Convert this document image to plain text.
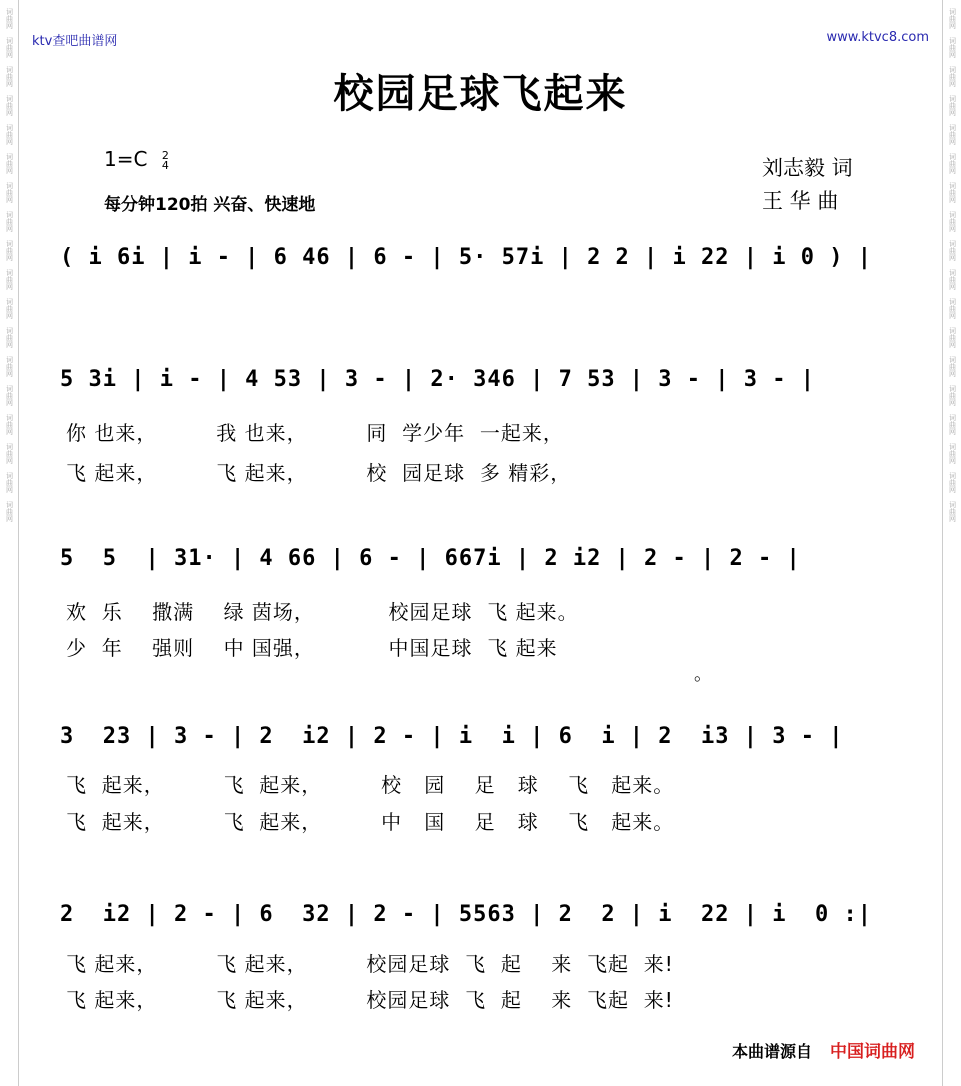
词曲网
词曲网
词曲网
词曲网
词曲网
词曲网
词曲网
词曲网
词曲网
词曲网
词曲网
词曲网
词曲网
词曲网
词曲网
词曲网
词曲网
词曲网
词曲网
词曲网
词曲网
词曲网
词曲网
词曲网
词曲网
词曲网
词曲网
词曲网
词曲网
词曲网
词曲网
词曲网
词曲网
词曲网
词曲网
词曲网
ktv查吧曲谱网	www.ktvc8.com
校园足球飞起来
1=C 2
4
每分钟120拍 兴奋、快速地
刘志毅 词
王 华 曲
( i 6i | i - | 6 46 | 6 - | 5· 57i | 2 2 | i 22 | i 0 ) |
5 3i | i - | 4 53 | 3 - | 2· 346 | 7 53 | 3 - | 3 - |
你 也来，        我 也来，        同  学少年  一起来，
飞 起来，        飞 起来，        校  园足球  多 精彩，
5  5  | 31· | 4 66 | 6 - | 667i | 2 i2 | 2 - | 2 - |
欢  乐    撒满    绿 茵场，          校园足球  飞 起来。
少  年    强则    中 国强，          中国足球  飞 起来
。
3  23 | 3 - | 2  i2 | 2 - | i  i | 6  i | 2  i3 | 3 - |
飞  起来，        飞  起来，        校   园    足   球    飞   起来。
飞  起来，        飞  起来，        中   国    足   球    飞   起来。
2  i2 | 2 - | 6  32 | 2 - | 5563 | 2  2 | i  22 | i  0 :|
飞 起来，        飞 起来，        校园足球  飞  起    来  飞起  来!
飞 起来，        飞 起来，        校园足球  飞  起    来  飞起  来!
本曲谱源自 中国词曲网
